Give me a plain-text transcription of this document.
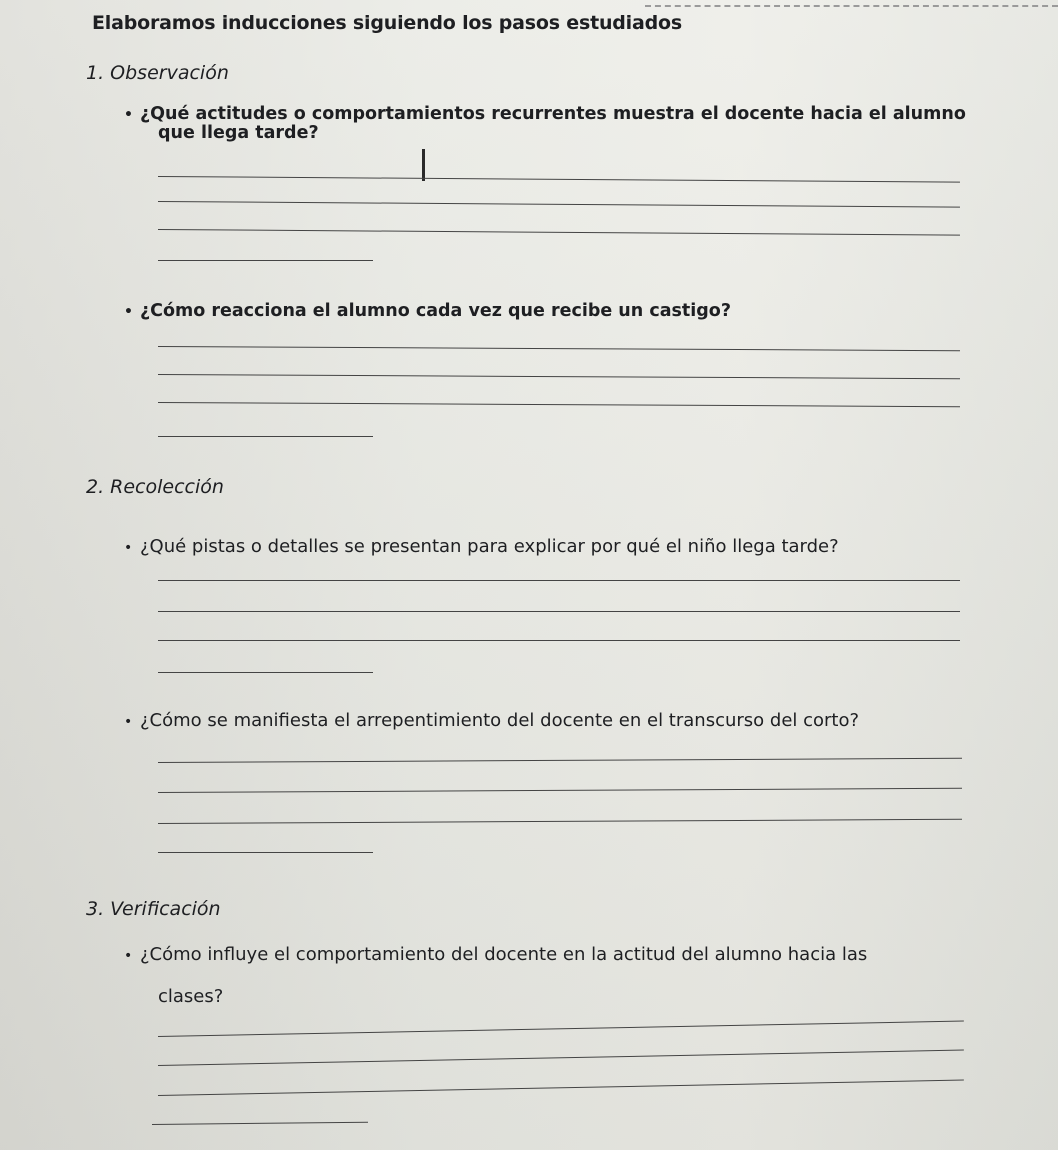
Elaboramos inducciones siguiendo los pasos estudiados
1. Observación
• ¿Qué actitudes o comportamientos recurrentes muestra el docente hacia el alumno
que llega tarde?
• ¿Cómo reacciona el alumno cada vez que recibe un castigo?
2. Recolección
• ¿Qué pistas o detalles se presentan para explicar por qué el niño llega tarde?
• ¿Cómo se manifiesta el arrepentimiento del docente en el transcurso del corto?
3. Verificación
• ¿Cómo influye el comportamiento del docente en la actitud del alumno hacia las
clases?
